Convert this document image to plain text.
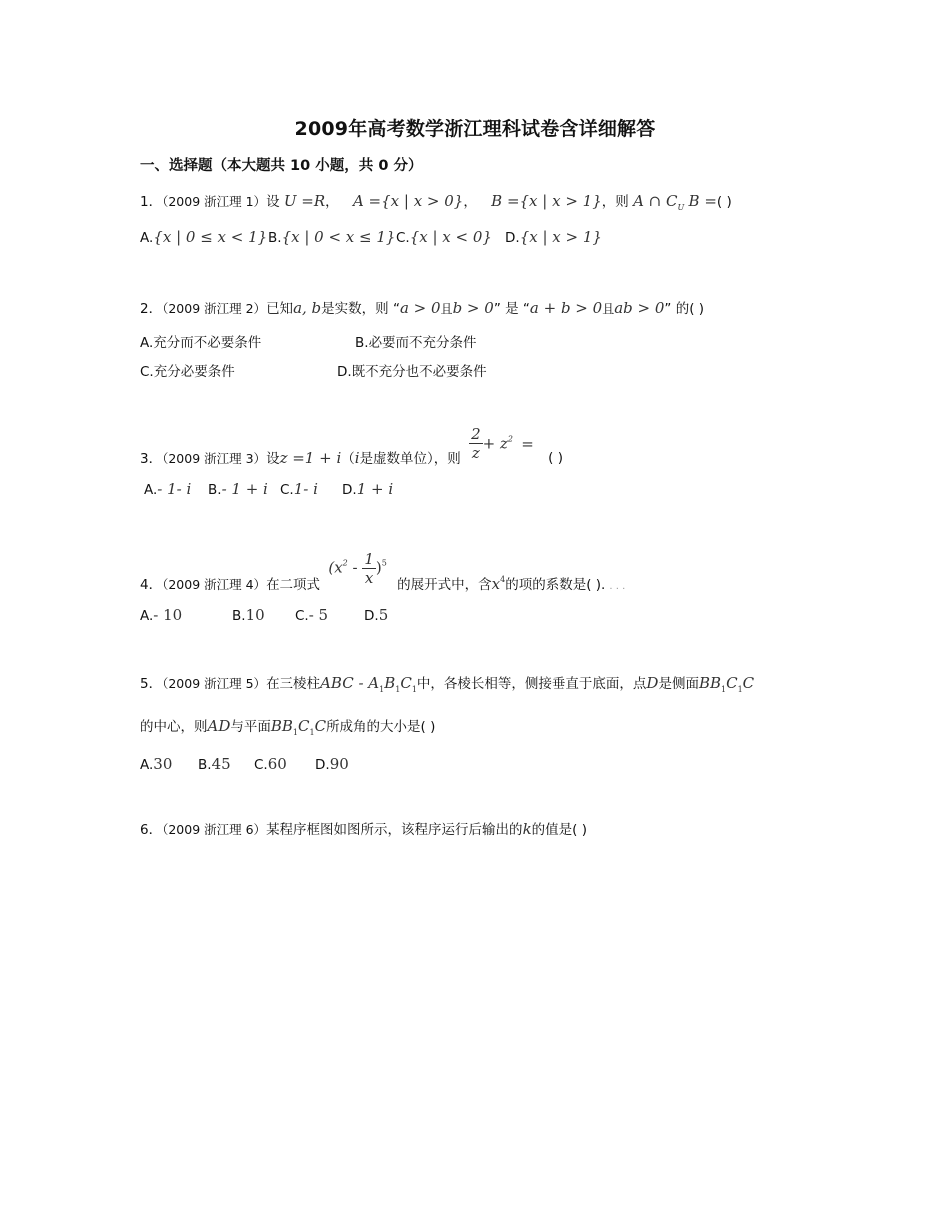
2009年高考数学浙江理科试卷含详细解答
一、选择题（本大题共 10 小题，共 0 分）
1．（2009 浙江理 1）设 U =R， A ={x | x > 0}， B ={x | x > 1}，则 A ∩ $C_U$ B =( )
A.{x | 0 ≤ x < 1} B.{x | 0 < x ≤ 1} C.{x | x < 0} D.{x | x > 1}
2．（2009 浙江理 2）已知a, b是实数，则 “a > 0且b > 0” 是 “a + b > 0且ab > 0” 的( )
A.充分而不必要条件	B.必要而不充分条件
C.充分必要条件	D.既不充分也不必要条件
3．（2009 浙江理 3）设z =1 + i（i是虚数单位），则 $\frac{2}{z} + z^2$ = ( )
A.- 1- i B.- 1 + i C.1- i D.1 + i
4．（2009 浙江理 4）在二项式 $(x^2 - \frac{1}{x} )^5$ 的展开式中，含$x^4$的项的系数是( ). . . .
A.- 10	B.10 C.- 5	D.5
5．（2009 浙江理 5）在三棱柱ABC - $A_1B_1C_1$中，各棱长相等，侧接垂直于底面，点D是侧面$BB_1C_1C$
的中心，则AD与平面$BB_1C_1C$所成角的大小是( )
A.30 B.45 C.60 D.90
6．（2009 浙江理 6）某程序框图如图所示，该程序运行后输出的k的值是( )
